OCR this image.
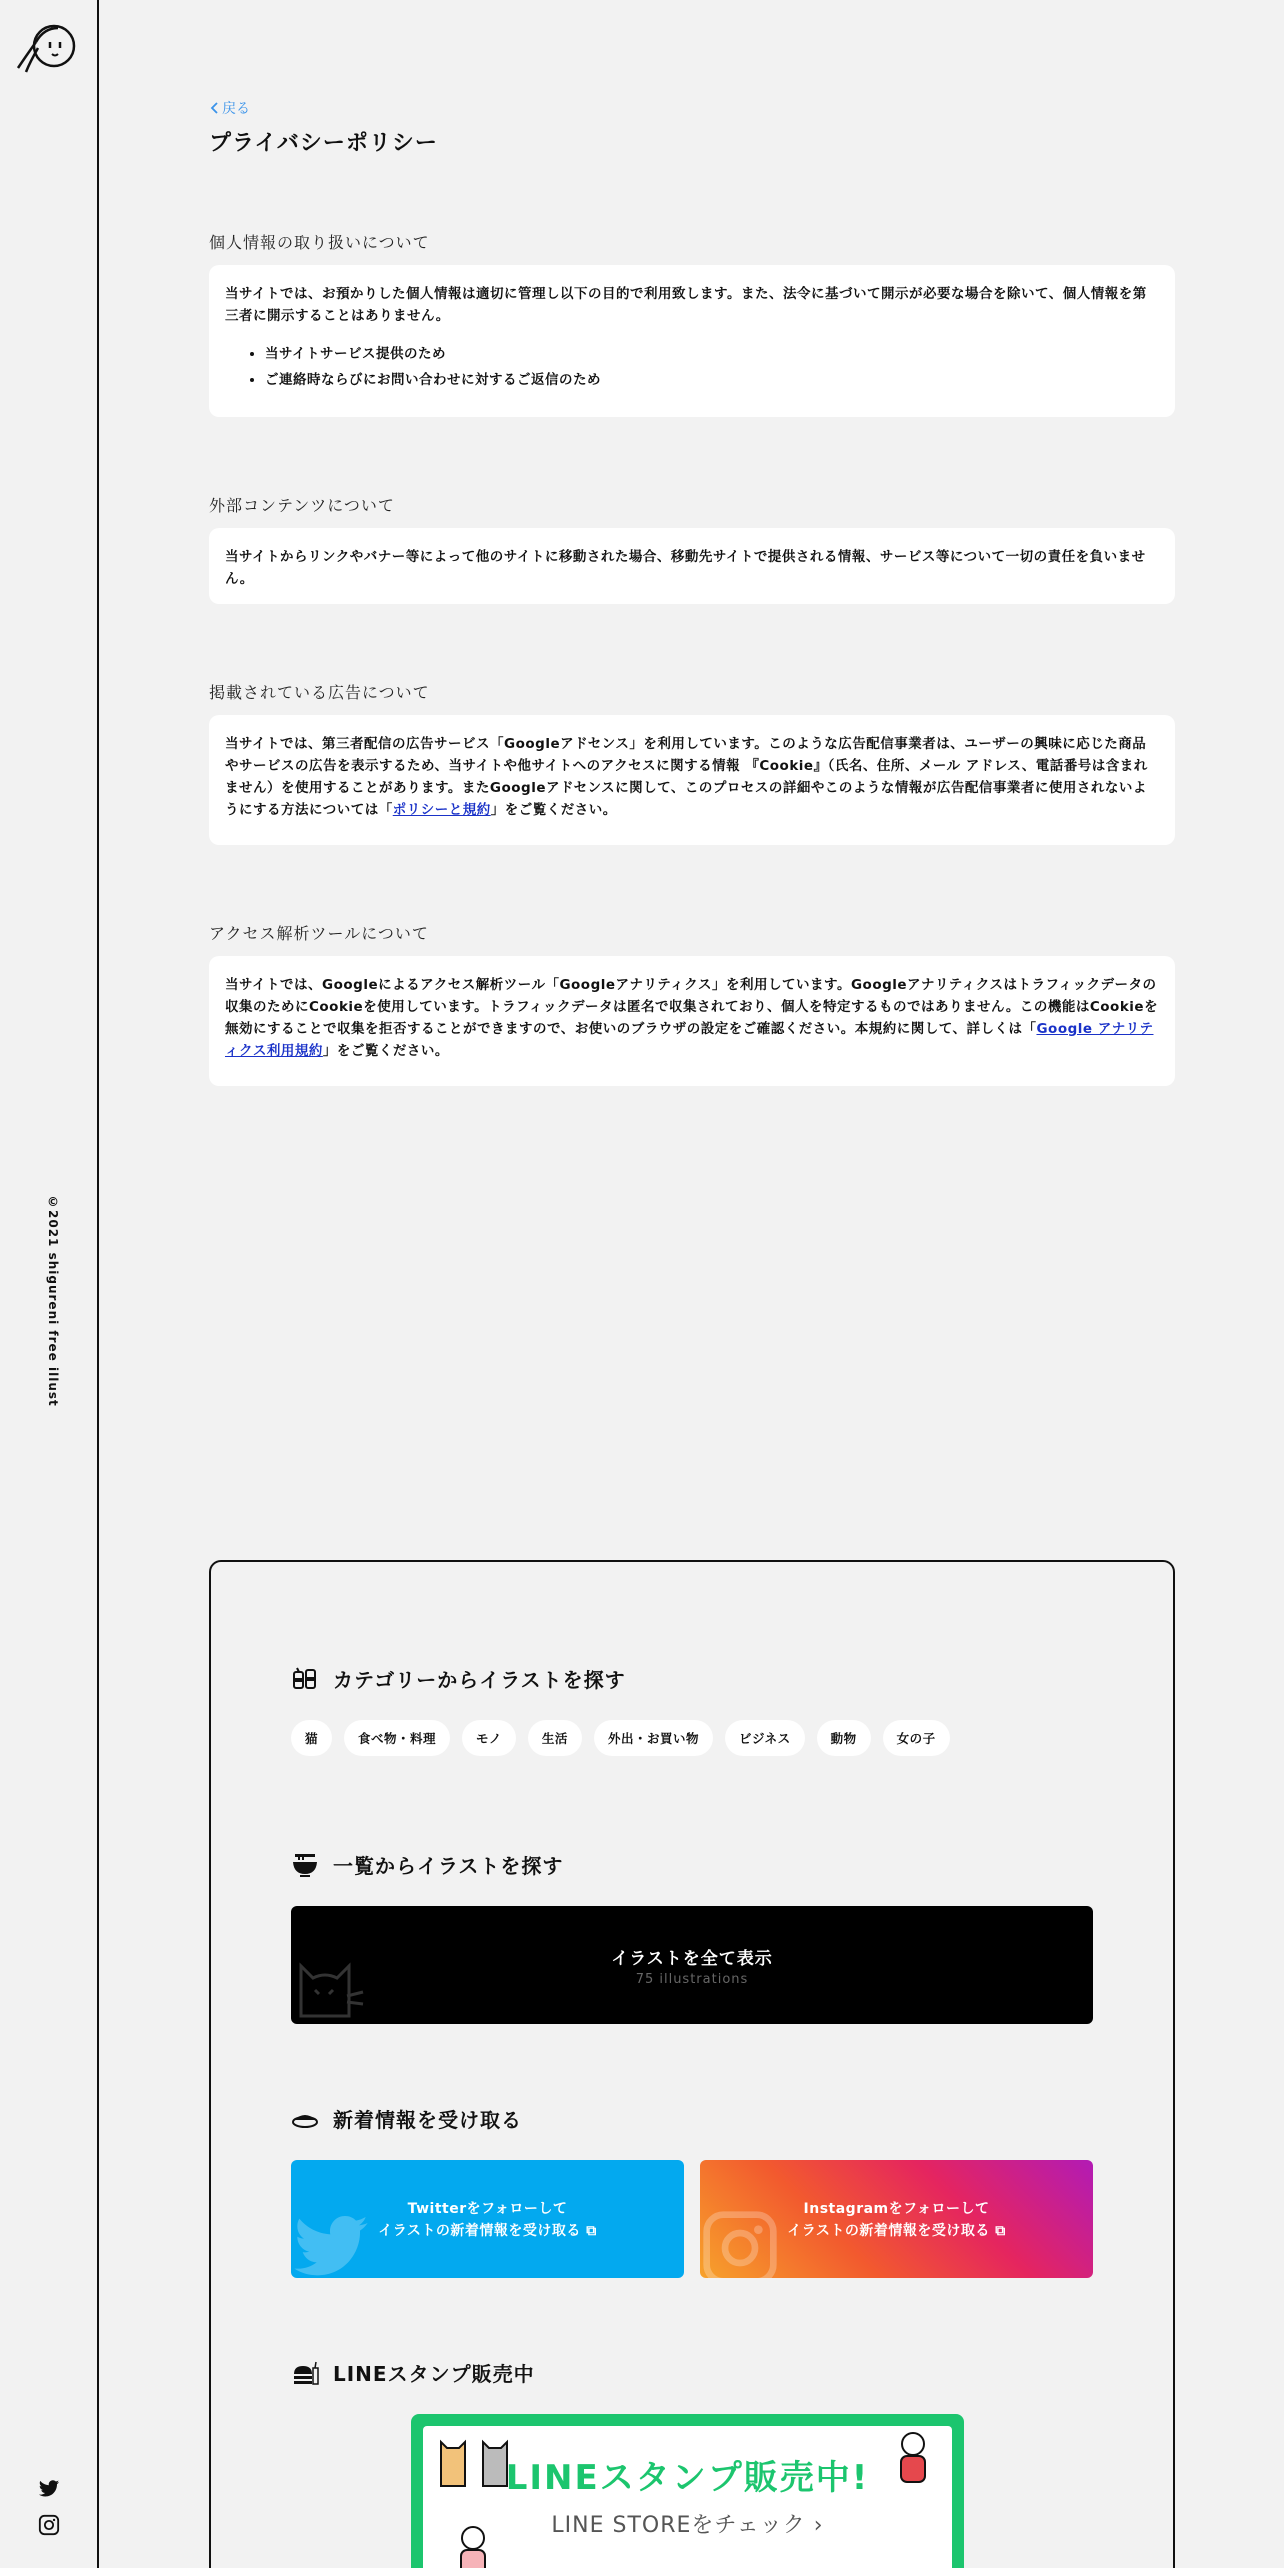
©2021 shigureni free illust
戻る
プライバシーポリシー
個人情報の取り扱いについて

当サイトでは、お預かりした個人情報は適切に管理し以下の目的で利用致します。また、法令に基づいて開示が必要な場合を除いて、個人情報を第三者に開示することはありません。

• 当サイトサービス提供のため
• ご連絡時ならびにお問い合わせに対するご返信のため
外部コンテンツについて

当サイトからリンクやバナー等によって他のサイトに移動された場合、移動先サイトで提供される情報、サービス等について一切の責任を負いません。

掲載されている広告について

当サイトでは、第三者配信の広告サービス「Googleアドセンス」を利用しています。このような広告配信事業者は、ユーザーの興味に応じた商品やサービスの広告を表示するため、当サイトや他サイトへのアクセスに関する情報 『Cookie』（氏名、住所、メール アドレス、電話番号は含まれません）を使用することがあります。またGoogleアドセンスに関して、このプロセスの詳細やこのような情報が広告配信事業者に使用されないようにする方法については「ポリシーと規約」をご覧ください。

アクセス解析ツールについて

当サイトでは、Googleによるアクセス解析ツール「Googleアナリティクス」を利用しています。Googleアナリティクスはトラフィックデータの収集のためにCookieを使用しています。トラフィックデータは匿名で収集されており、個人を特定するものではありません。この機能はCookieを無効にすることで収集を拒否することができますので、お使いのブラウザの設定をご確認ください。本規約に関して、詳しくは「Google アナリティクス利用規約」をご覧ください。

カテゴリーからイラストを探す
猫	食べ物・料理	モノ	生活	外出・お買い物	ビジネス	動物	女の子
一覧からイラストを探す
イラストを全て表示
75 illustrations
新着情報を受け取る
Twitterをフォローして
イラストの新着情報を受け取る ⧉
Instagramをフォローして
イラストの新着情報を受け取る ⧉
LINEスタンプ販売中
LINEスタンプ販売中!
LINE STOREをチェック ›
